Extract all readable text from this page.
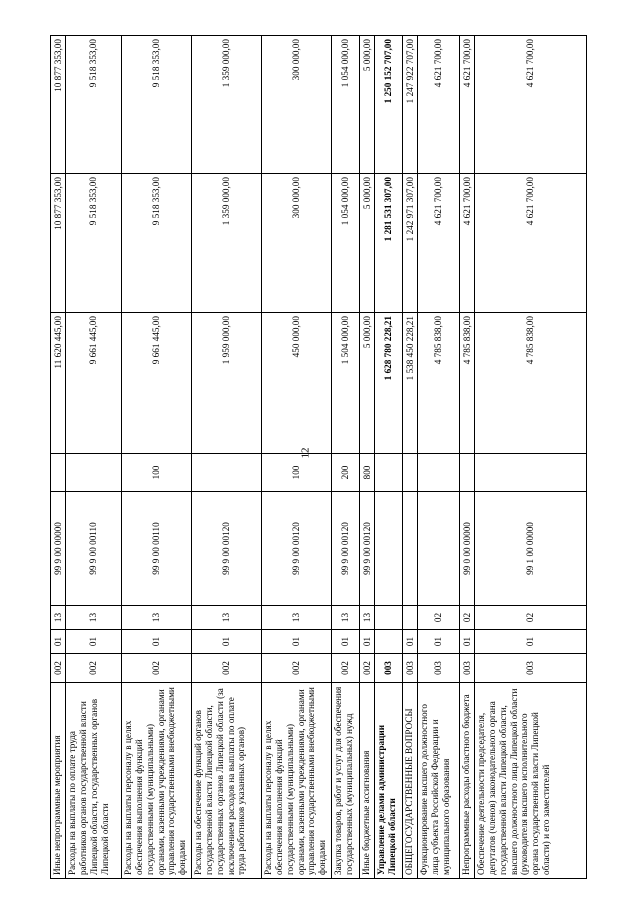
12
Иные непрограммные мероприятия	002	01	13	99 9 00 00000		11 620 445,00	10 877 353,00	10 877 353,00
Расходы на выплаты по оплате труда работников органов государственной власти Липецкой области, государственных органов Липецкой области	002	01	13	99 9 00 00110		9 661 445,00	9 518 353,00	9 518 353,00
Расходы на выплаты персоналу в целях обеспечения выполнения функций государственными (муниципальными) органами, казенными учреждениями, органами управления государственными внебюджетными фондами	002	01	13	99 9 00 00110	100	9 661 445,00	9 518 353,00	9 518 353,00
Расходы на обеспечение функций органов государственной власти Липецкой области, государственных органов Липецкой области (за исключением расходов на выплаты по оплате труда работников указанных органов)	002	01	13	99 9 00 00120		1 959 000,00	1 359 000,00	1 359 000,00
Расходы на выплаты персоналу в целях обеспечения выполнения функций государственными (муниципальными) органами, казенными учреждениями, органами управления государственными внебюджетными фондами	002	01	13	99 9 00 00120	100	450 000,00	300 000,00	300 000,00
Закупка товаров, работ и услуг для обеспечения государственных (муниципальных) нужд	002	01	13	99 9 00 00120	200	1 504 000,00	1 054 000,00	1 054 000,00
Иные бюджетные ассигнования	002	01	13	99 9 00 00120	800	5 000,00	5 000,00	5 000,00
Управление делами администрации Липецкой области	003					1 628 780 228,21	1 281 531 307,00	1 250 152 707,00
ОБЩЕГОСУДАРСТВЕННЫЕ ВОПРОСЫ	003	01				1 538 450 228,21	1 242 971 307,00	1 247 922 707,00
Функционирование высшего должностного лица субъекта Российской Федерации и муниципального образования	003	01	02			4 785 838,00	4 621 700,00	4 621 700,00
Непрограммные расходы областного бюджета	003	01	02	99 0 00 00000		4 785 838,00	4 621 700,00	4 621 700,00
Обеспечение деятельности председателя, депутатов (членов) законодательного органа государственной власти Липецкой области, высшего должностного лица Липецкой области (руководителя высшего исполнительного органа государственной власти Липецкой области) и его заместителей	003	01	02	99 1 00 00000		4 785 838,00	4 621 700,00	4 621 700,00
